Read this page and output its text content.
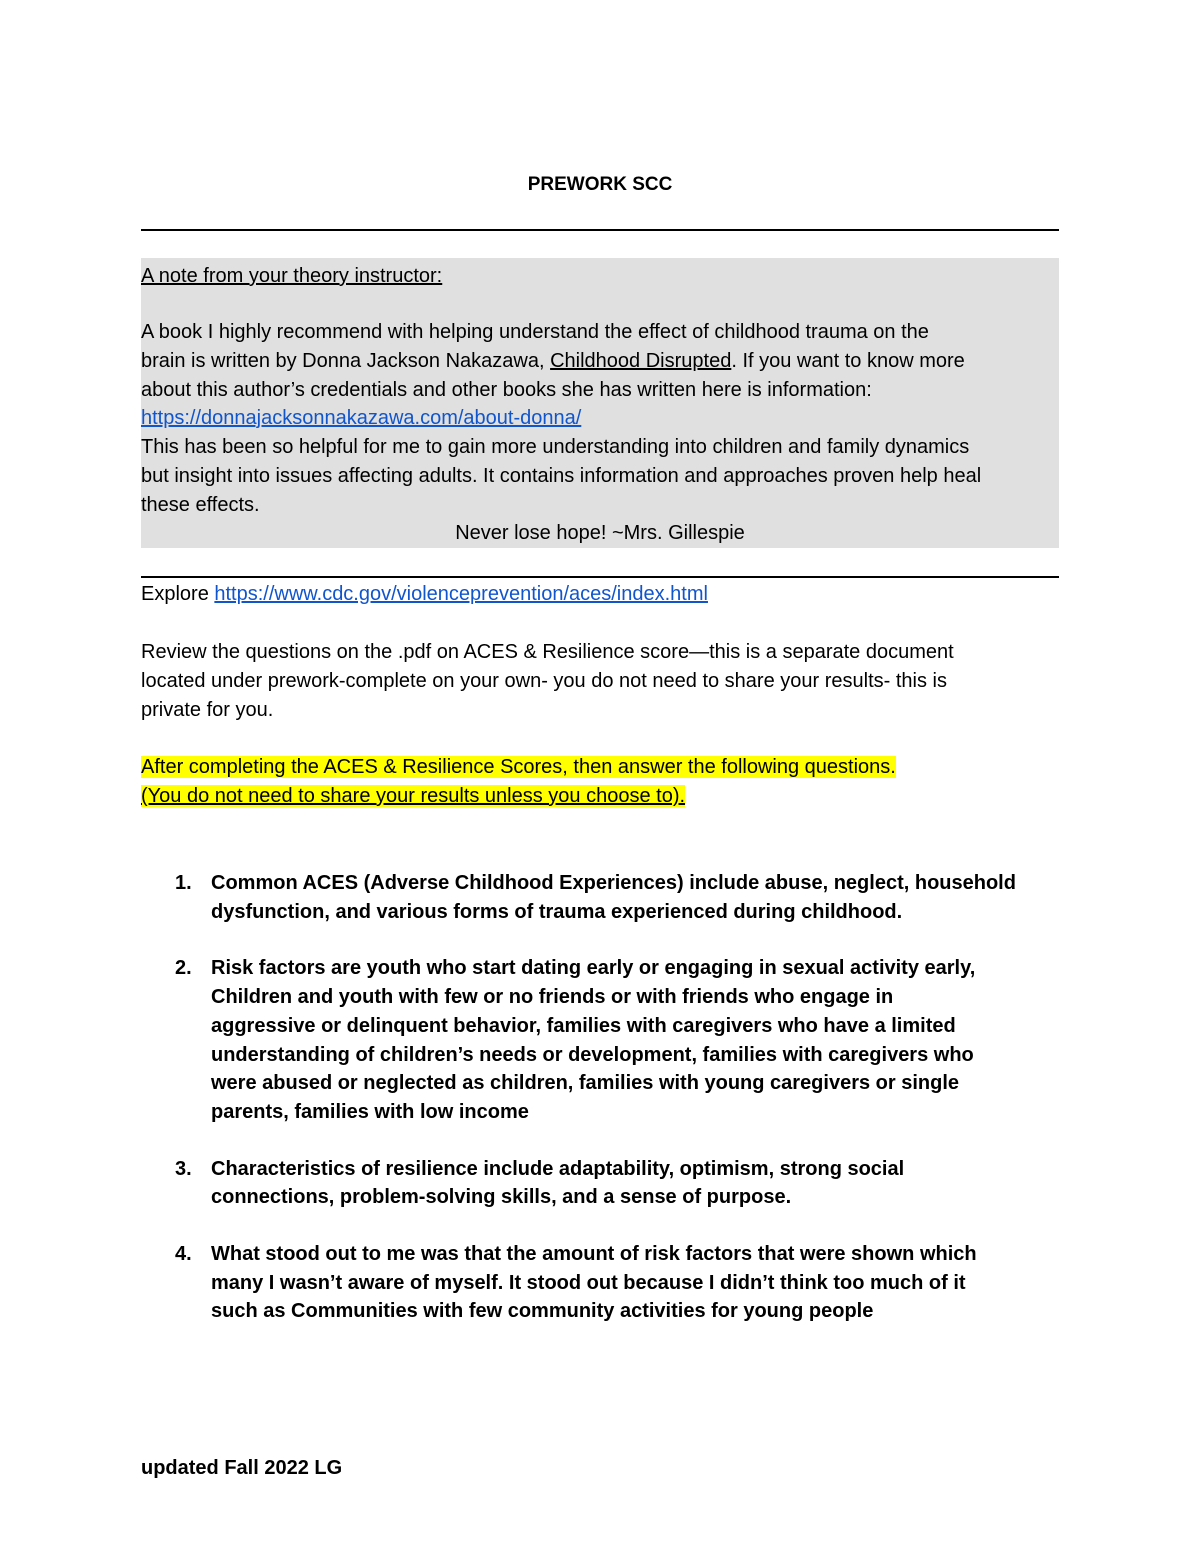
PREWORK SCC
A note from your theory instructor:
A book I highly recommend with helping understand the effect of childhood trauma on the
brain is written by Donna Jackson Nakazawa, Childhood Disrupted. If you want to know more
about this author’s credentials and other books she has written here is information:
https://donnajacksonnakazawa.com/about-donna/
This has been so helpful for me to gain more understanding into children and family dynamics
but insight into issues affecting adults. It contains information and approaches proven help heal
these effects.
Never lose hope! ~Mrs. Gillespie
Explore https://www.cdc.gov/violenceprevention/aces/index.html
Review the questions on the .pdf on ACES & Resilience score—this is a separate document
located under prework-complete on your own- you do not need to share your results- this is
private for you.
After completing the ACES & Resilience Scores, then answer the following questions.
(You do not need to share your results unless you choose to).
1. Common ACES (Adverse Childhood Experiences) include abuse, neglect, household dysfunction, and various forms of trauma experienced during childhood.
2. Risk factors are youth who start dating early or engaging in sexual activity early, Children and youth with few or no friends or with friends who engage in aggressive or delinquent behavior, families with caregivers who have a limited understanding of children’s needs or development, families with caregivers who were abused or neglected as children, families with young caregivers or single parents, families with low income
3. Characteristics of resilience include adaptability, optimism, strong social connections, problem-solving skills, and a sense of purpose.
4. What stood out to me was that the amount of risk factors that were shown which many I wasn’t aware of myself. It stood out because I didn’t think too much of it such as Communities with few community activities for young people
updated Fall 2022 LG
